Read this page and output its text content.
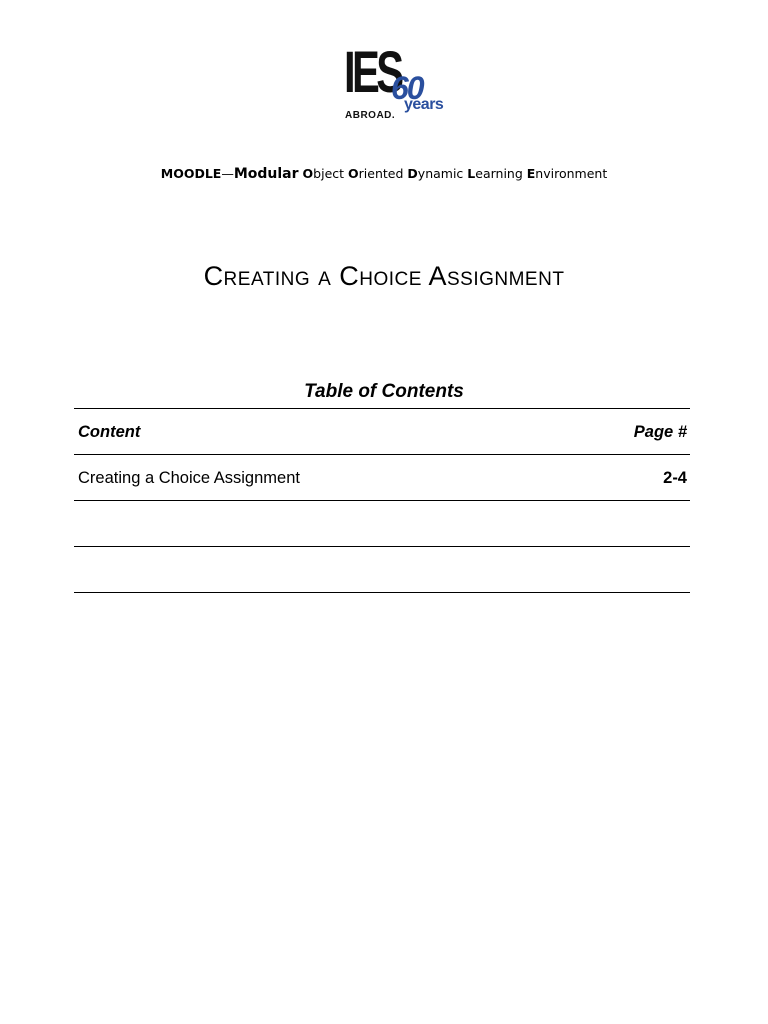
IES
60
years
ABROAD.
MOODLE—Modular Object Oriented Dynamic Learning Environment
Creating a Choice Assignment
Table of Contents
Content	Page #
Creating a Choice Assignment	2-4
